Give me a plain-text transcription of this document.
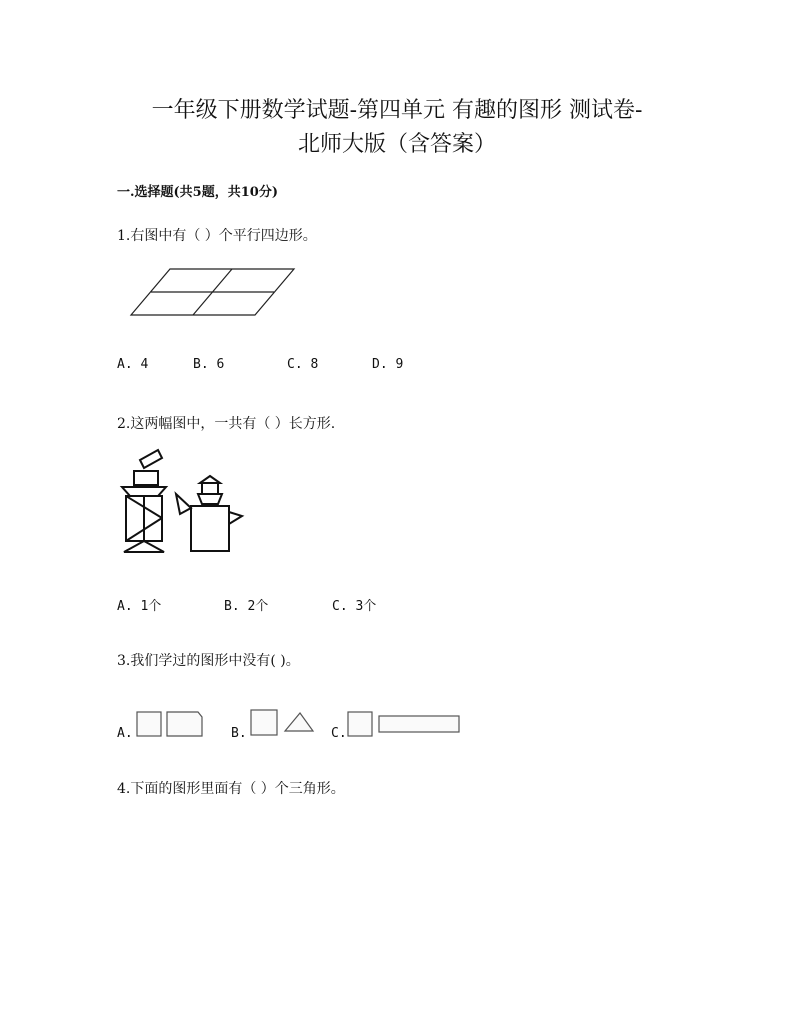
一年级下册数学试题-第四单元 有趣的图形 测试卷-
北师大版（含答案）
一.选择题(共5题，共10分)
1.右图中有（ ）个平行四边形。
A. 4	B. 6	C. 8	D. 9
2.这两幅图中，一共有（ ）长方形.
A. 1个	B. 2个	C. 3个
3.我们学过的图形中没有( )。
A.	B.	C.
4.下面的图形里面有（ ）个三角形。
